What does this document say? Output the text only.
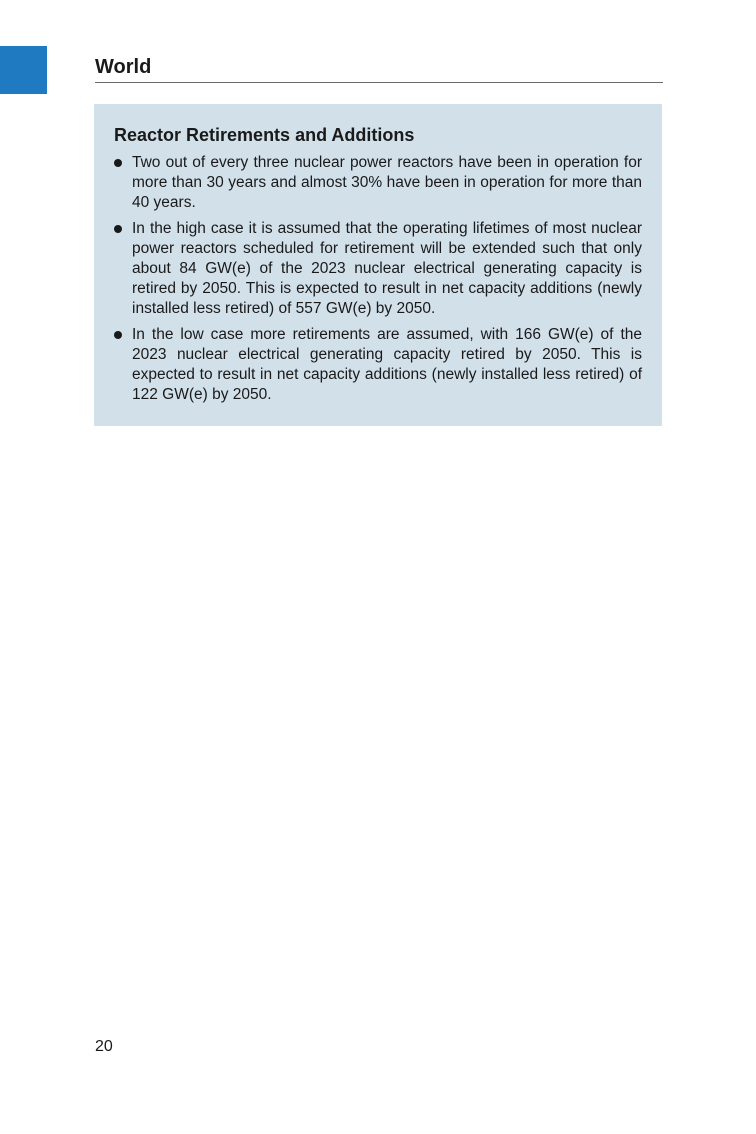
World
Reactor Retirements and Additions
Two out of every three nuclear power reactors have been in operation for more than 30 years and almost 30% have been in operation for more than 40 years.
In the high case it is assumed that the operating lifetimes of most nuclear power reactors scheduled for retirement will be extended such that only about 84 GW(e) of the 2023 nuclear electrical generating capacity is retired by 2050. This is expected to result in net capacity additions (newly installed less retired) of 557 GW(e) by 2050.
In the low case more retirements are assumed, with 166 GW(e) of the 2023 nuclear electrical generating capacity retired by 2050. This is expected to result in net capacity additions (newly installed less retired) of 122 GW(e) by 2050.
20
